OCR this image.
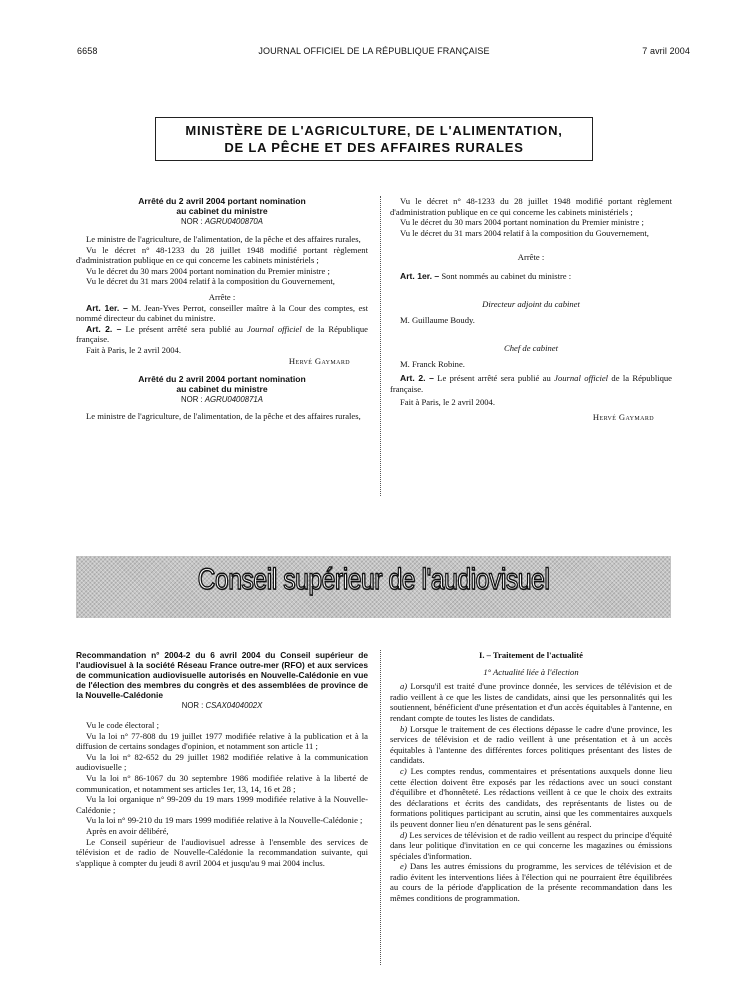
6658	JOURNAL OFFICIEL DE LA RÉPUBLIQUE FRANÇAISE	7 avril 2004
MINISTÈRE DE L'AGRICULTURE, DE L'ALIMENTATION,
DE LA PÊCHE ET DES AFFAIRES RURALES
Arrêté du 2 avril 2004 portant nomination
au cabinet du ministre
NOR : AGRU0400870A

Le ministre de l'agriculture, de l'alimentation, de la pêche et des affaires rurales,

Vu le décret n° 48-1233 du 28 juillet 1948 modifié portant règlement d'administration publique en ce qui concerne les cabinets ministériels ;

Vu le décret du 30 mars 2004 portant nomination du Premier ministre ;

Vu le décret du 31 mars 2004 relatif à la composition du Gouvernement,

Arrête :

Art. 1er. – M. Jean-Yves Perrot, conseiller maître à la Cour des comptes, est nommé directeur du cabinet du ministre.

Art. 2. – Le présent arrêté sera publié au Journal officiel de la République française.

Fait à Paris, le 2 avril 2004.

Hervé Gaymard

Arrêté du 2 avril 2004 portant nomination
au cabinet du ministre
NOR : AGRU0400871A

Le ministre de l'agriculture, de l'alimentation, de la pêche et des affaires rurales,

Vu le décret n° 48-1233 du 28 juillet 1948 modifié portant règlement d'administration publique en ce qui concerne les cabinets ministériels ;

Vu le décret du 30 mars 2004 portant nomination du Premier ministre ;

Vu le décret du 31 mars 2004 relatif à la composition du Gouvernement,

Arrête :

Art. 1er. – Sont nommés au cabinet du ministre :

Directeur adjoint du cabinet

M. Guillaume Boudy.

Chef de cabinet

M. Franck Robine.

Art. 2. – Le présent arrêté sera publié au Journal officiel de la République française.

Fait à Paris, le 2 avril 2004.

Hervé Gaymard

Conseil supérieur de l'audiovisuel
Recommandation n° 2004-2 du 6 avril 2004 du Conseil supérieur de l'audiovisuel à la société Réseau France outre-mer (RFO) et aux services de communication audiovisuelle autorisés en Nouvelle-Calédonie en vue de l'élection des membres du congrès et des assemblées de province de la Nouvelle-Calédonie
NOR : CSAX0404002X

Vu le code électoral ;

Vu la loi n° 77-808 du 19 juillet 1977 modifiée relative à la publication et à la diffusion de certains sondages d'opinion, et notamment son article 11 ;

Vu la loi n° 82-652 du 29 juillet 1982 modifiée relative à la communication audiovisuelle ;

Vu la loi n° 86-1067 du 30 septembre 1986 modifiée relative à la liberté de communication, et notamment ses articles 1er, 13, 14, 16 et 28 ;

Vu la loi organique n° 99-209 du 19 mars 1999 modifiée relative à la Nouvelle-Calédonie ;

Vu la loi n° 99-210 du 19 mars 1999 modifiée relative à la Nouvelle-Calédonie ;

Après en avoir délibéré,

Le Conseil supérieur de l'audiovisuel adresse à l'ensemble des services de télévision et de radio de Nouvelle-Calédonie la recommandation suivante, qui s'applique à compter du jeudi 8 avril 2004 et jusqu'au 9 mai 2004 inclus.

I. – Traitement de l'actualité

1° Actualité liée à l'élection

a) Lorsqu'il est traité d'une province donnée, les services de télévision et de radio veillent à ce que les listes de candidats, ainsi que les personnalités qui les soutiennent, bénéficient d'une présentation et d'un accès équitables à l'antenne, en rendant compte de toutes les listes de candidats.

b) Lorsque le traitement de ces élections dépasse le cadre d'une province, les services de télévision et de radio veillent à une présentation et à un accès équitables à l'antenne des différentes forces politiques présentant des listes de candidats.

c) Les comptes rendus, commentaires et présentations auxquels donne lieu cette élection doivent être exposés par les rédactions avec un souci constant d'équilibre et d'honnêteté. Les rédactions veillent à ce que le choix des extraits des déclarations et écrits des candidats, des représentants de listes ou de formations politiques participant au scrutin, ainsi que les commentaires auxquels ils peuvent donner lieu n'en dénaturent pas le sens général.

d) Les services de télévision et de radio veillent au respect du principe d'équité dans leur politique d'invitation en ce qui concerne les magazines ou émissions spéciales d'information.

e) Dans les autres émissions du programme, les services de télévision et de radio évitent les interventions liées à l'élection qui ne pourraient être équilibrées au cours de la période d'application de la présente recommandation dans les mêmes conditions de programmation.
